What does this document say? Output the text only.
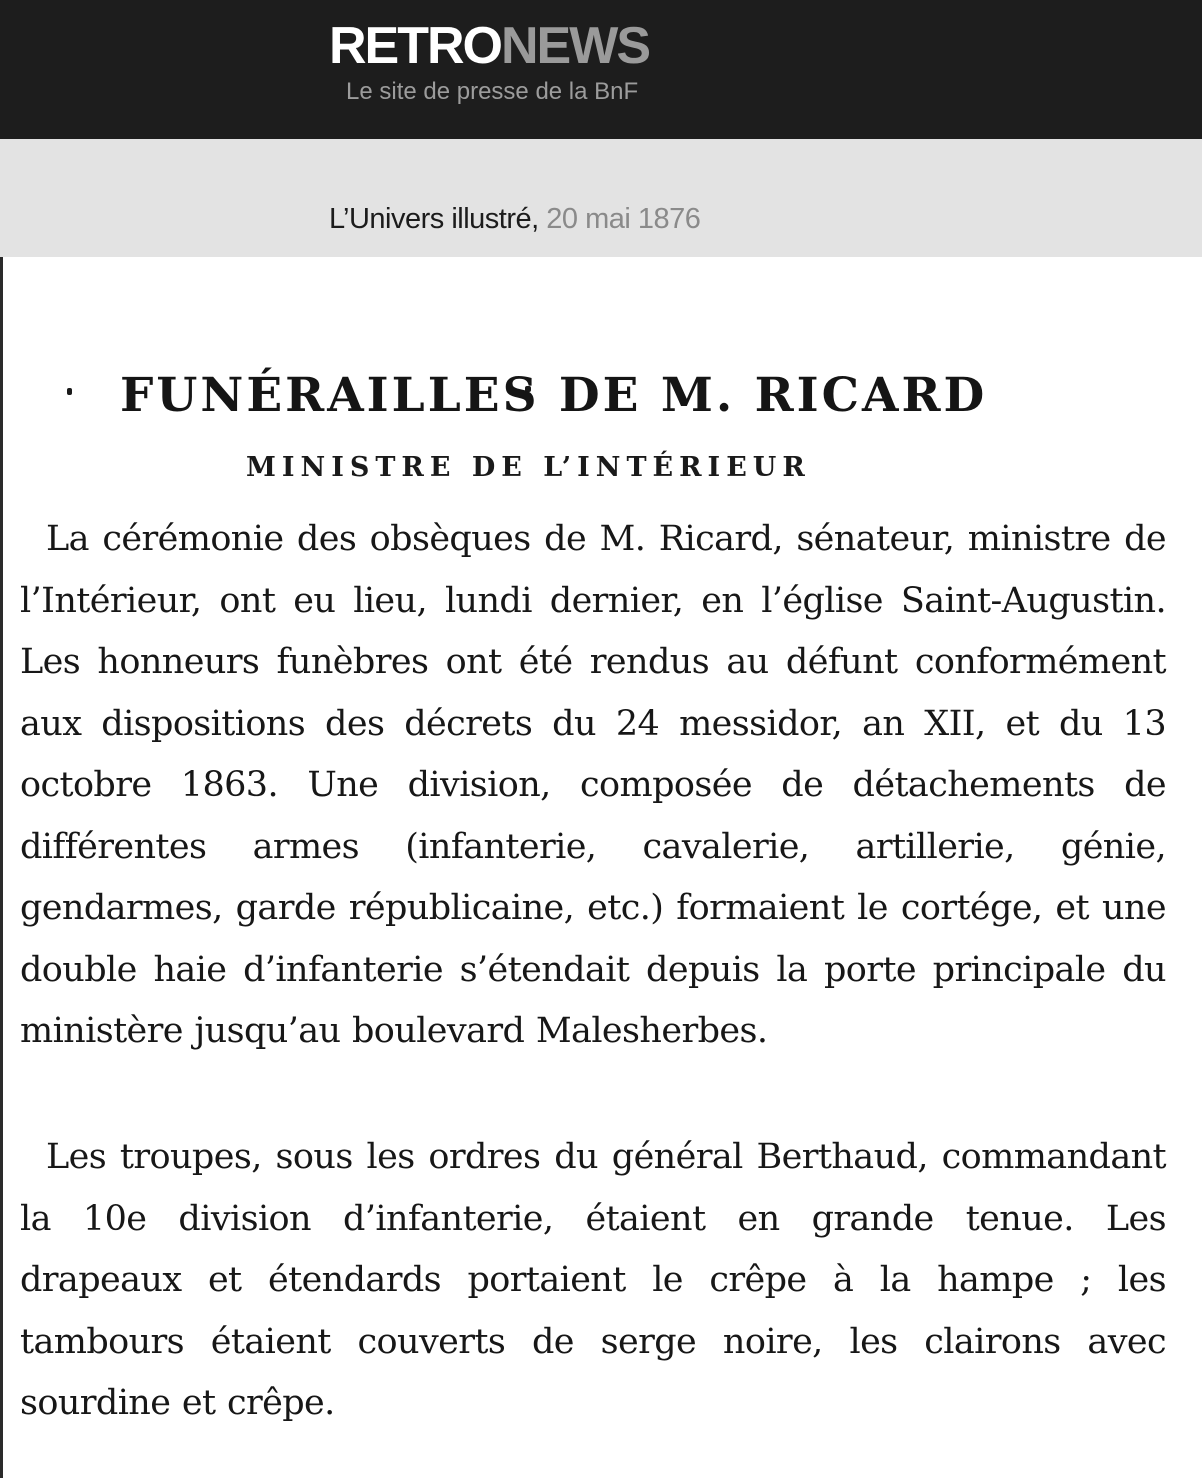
RETRONEWS
Le site de presse de la BnF
L’Univers illustré, 20 mai 1876
FUNÉRAILLES DE M. RICARD
MINISTRE DE L’INTÉRIEUR

La cérémonie des obsèques de M. Ricard, sénateur, ministre de l’Intérieur, ont eu lieu, lundi dernier, en l’église Saint-Augustin. Les honneurs funèbres ont été rendus au défunt conformément aux dispositions des décrets du 24 messidor, an XII, et du 13 octobre 1863. Une division, composée de détachements de différentes armes (infanterie, cavalerie, artillerie, génie, gendarmes, garde républicaine, etc.) formaient le cortége, et une double haie d’infanterie s’étendait depuis la porte principale du ministère jusqu’au boulevard Malesherbes.

Les troupes, sous les ordres du général Berthaud, commandant la 10e division d’infanterie, étaient en grande tenue. Les drapeaux et étendards portaient le crêpe à la hampe ; les tambours étaient couverts de serge noire, les clairons avec sourdine et crêpe.
